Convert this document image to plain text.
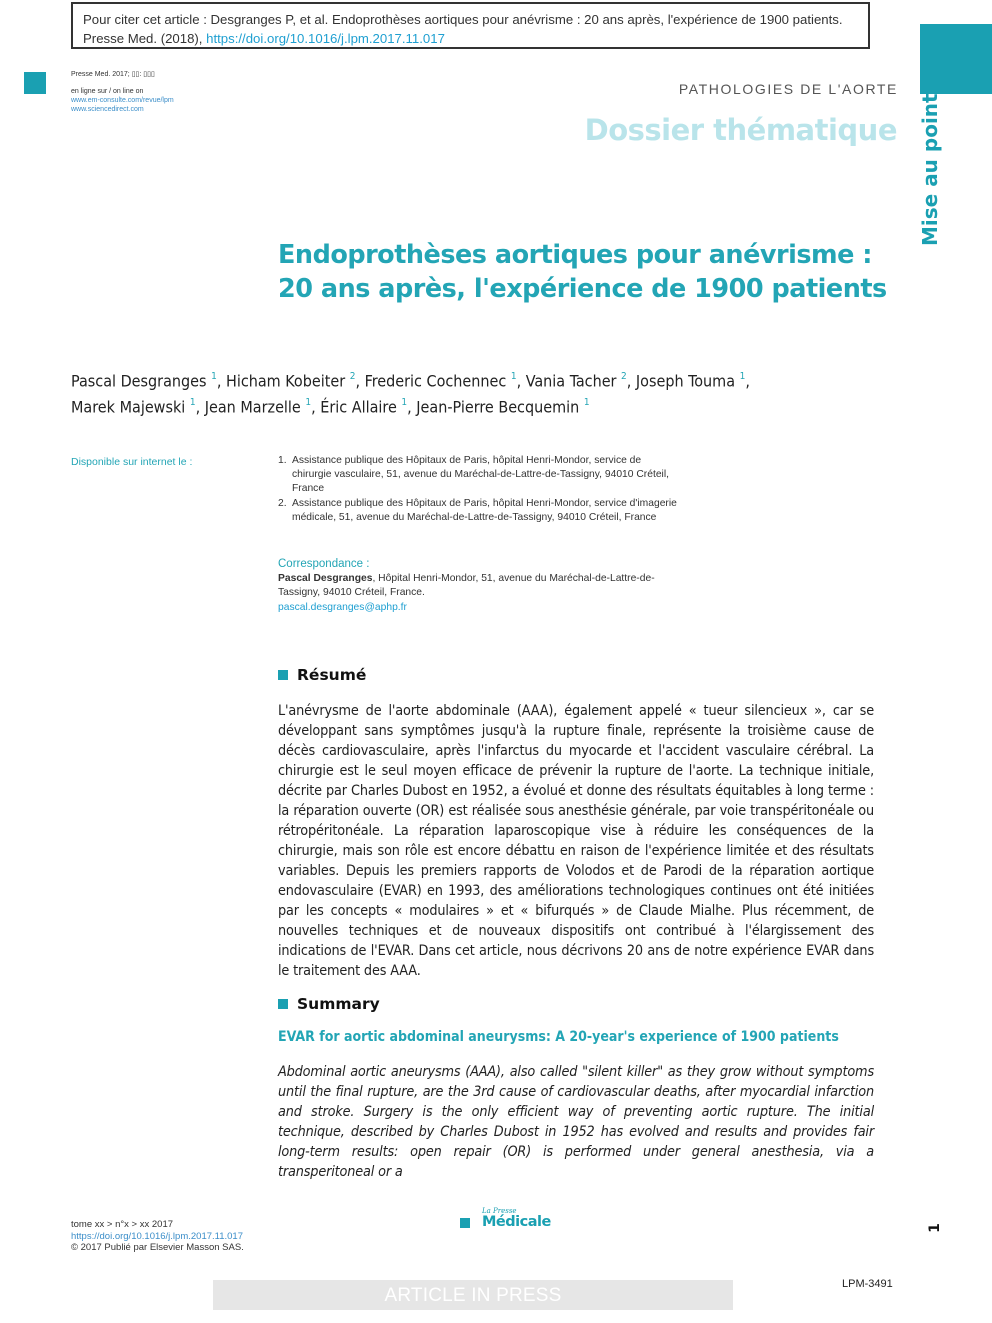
Pour citer cet article : Desgranges P, et al. Endoprothèses aortiques pour anévrisme : 20 ans après, l'expérience de 1900 patients.
Presse Med. (2018), https://doi.org/10.1016/j.lpm.2017.11.017
Presse Med. 2017; ▯▯: ▯▯▯
en ligne sur / on line on
www.em-consulte.com/revue/lpm
www.sciencedirect.com
PATHOLOGIES DE L'AORTE
Dossier thématique Mise au point
Endoprothèses aortiques pour anévrisme :
20 ans après, l'expérience de 1900 patients
Pascal Desgranges $^1$, Hicham Kobeiter $^2$, Frederic Cochennec $^1$, Vania Tacher $^2$, Joseph Touma $^1$,
Marek Majewski $^1$, Jean Marzelle $^1$, Éric Allaire $^1$, Jean-Pierre Becquemin $^1$
Disponible sur internet le :	1. Assistance publique des Hôpitaux de Paris, hôpital Henri-Mondor, service de chirurgie vasculaire, 51, avenue du Maréchal-de-Lattre-de-Tassigny, 94010 Créteil, France
2. Assistance publique des Hôpitaux de Paris, hôpital Henri-Mondor, service d'imagerie médicale, 51, avenue du Maréchal-de-Lattre-de-Tassigny, 94010 Créteil, France
Correspondance :
Pascal Desgranges, Hôpital Henri-Mondor, 51, avenue du Maréchal-de-Lattre-de-Tassigny, 94010 Créteil, France.
pascal.desgranges@aphp.fr
Résumé
L'anévrysme de l'aorte abdominale (AAA), également appelé « tueur silencieux », car se développant sans symptômes jusqu'à la rupture finale, représente la troisième cause de décès cardiovasculaire, après l'infarctus du myocarde et l'accident vasculaire cérébral. La chirurgie est le seul moyen efficace de prévenir la rupture de l'aorte. La technique initiale, décrite par Charles Dubost en 1952, a évolué et donne des résultats équitables à long terme : la réparation ouverte (OR) est réalisée sous anesthésie générale, par voie transpéritonéale ou rétropéritonéale. La réparation laparoscopique vise à réduire les conséquences de la chirurgie, mais son rôle est encore débattu en raison de l'expérience limitée et des résultats variables. Depuis les premiers rapports de Volodos et de Parodi de la réparation aortique endovasculaire (EVAR) en 1993, des améliorations technologiques continues ont été initiées par les concepts « modulaires » et « bifurqués » de Claude Mialhe. Plus récemment, de nouvelles techniques et de nouveaux dispositifs ont contribué à l'élargissement des indications de l'EVAR. Dans cet article, nous décrivons 20 ans de notre expérience EVAR dans le traitement des AAA.
Summary
EVAR for aortic abdominal aneurysms: A 20-year's experience of 1900 patients
Abdominal aortic aneurysms (AAA), also called "silent killer" as they grow without symptoms until the final rupture, are the 3rd cause of cardiovascular deaths, after myocardial infarction and stroke. Surgery is the only efficient way of preventing aortic rupture. The initial technique, described by Charles Dubost in 1952 has evolved and results and provides fair long-term results: open repair (OR) is performed under general anesthesia, via a transperitoneal or a
tome xx > n°x > xx 2017
https://doi.org/10.1016/j.lpm.2017.11.017
© 2017 Publié par Elsevier Masson SAS.
La Presse
Médicale	1
ARTICLE IN PRESS
LPM-3491
